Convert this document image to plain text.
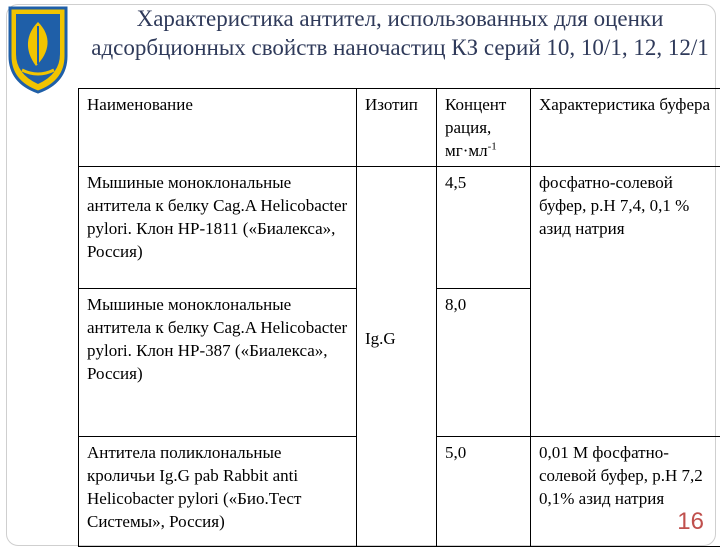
Характеристика антител, использованных для оценки адсорбционных свойств наночастиц КЗ серий 10, 10/1, 12, 12/1
Наименование	Изотип	Концент рация,
$мг\cdot мл^{-1}$	Характеристика буфера
Мышиные моноклональные антитела к белку Cag.A Helicobacter pylori. Клон HP-1811 («Биалекса», Россия)	Ig.G	4,5	фосфатно-солевой буфер, р.Н 7,4, 0,1 % азид натрия
Мышиные моноклональные антитела к белку Cag.A Helicobacter pylori. Клон HP-387 («Биалекса», Россия)		8,0	
Антитела поликлональные кроличьи Ig.G pab Rabbit anti Helicobacter pylori («Био.Тест Системы», Россия)		5,0	0,01 М фосфатно-солевой буфер, р.Н 7,2 0,1% азид натрия
16
